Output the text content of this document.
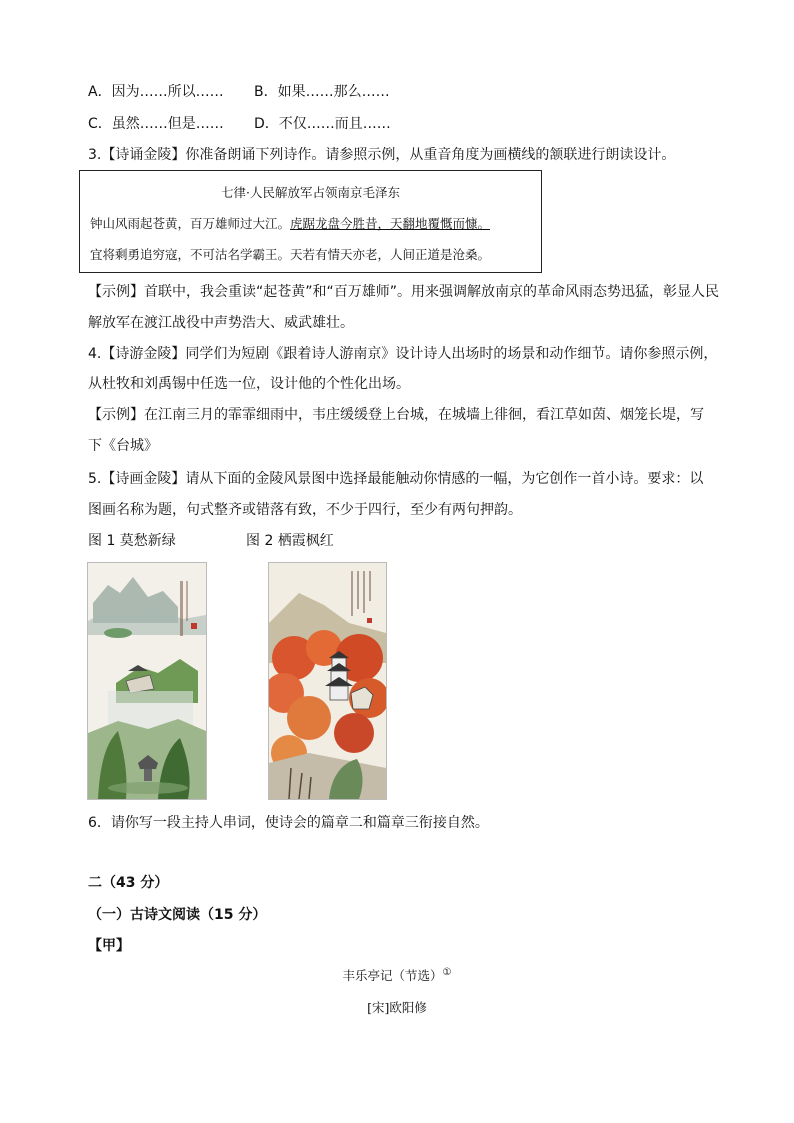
A．因为……所以…… B．如果……那么……
C．虽然……但是…… D．不仅……而且……
3.【诗诵金陵】你准备朗诵下列诗作。请参照示例，从重音角度为画横线的颔联进行朗读设计。
七律·人民解放军占领南京毛泽东
钟山风雨起苍黄，百万雄师过大江。虎踞龙盘今胜昔，天翻地覆慨而慷。
宜将剩勇追穷寇，不可沽名学霸王。天若有情天亦老，人间正道是沧桑。
【示例】首联中，我会重读“起苍黄”和“百万雄师”。用来强调解放南京的革命风雨态势迅猛，彰显人民
解放军在渡江战役中声势浩大、威武雄壮。
4.【诗游金陵】同学们为短剧《跟着诗人游南京》设计诗人出场时的场景和动作细节。请你参照示例，
从杜牧和刘禹锡中任选一位，设计他的个性化出场。
【示例】在江南三月的霏霏细雨中，韦庄缓缓登上台城，在城墙上徘徊，看江草如茵、烟笼长堤，写
下《台城》
5.【诗画金陵】请从下面的金陵风景图中选择最能触动你情感的一幅，为它创作一首小诗。要求：以
图画名称为题，句式整齐或错落有致，不少于四行，至少有两句押韵。
图 1 莫愁新绿	图 2 栖霞枫红
6．请你写一段主持人串词，使诗会的篇章二和篇章三衔接自然。
二（43 分）
（一）古诗文阅读（15 分）
【甲】
丰乐亭记（节选）①
[宋]欧阳修
